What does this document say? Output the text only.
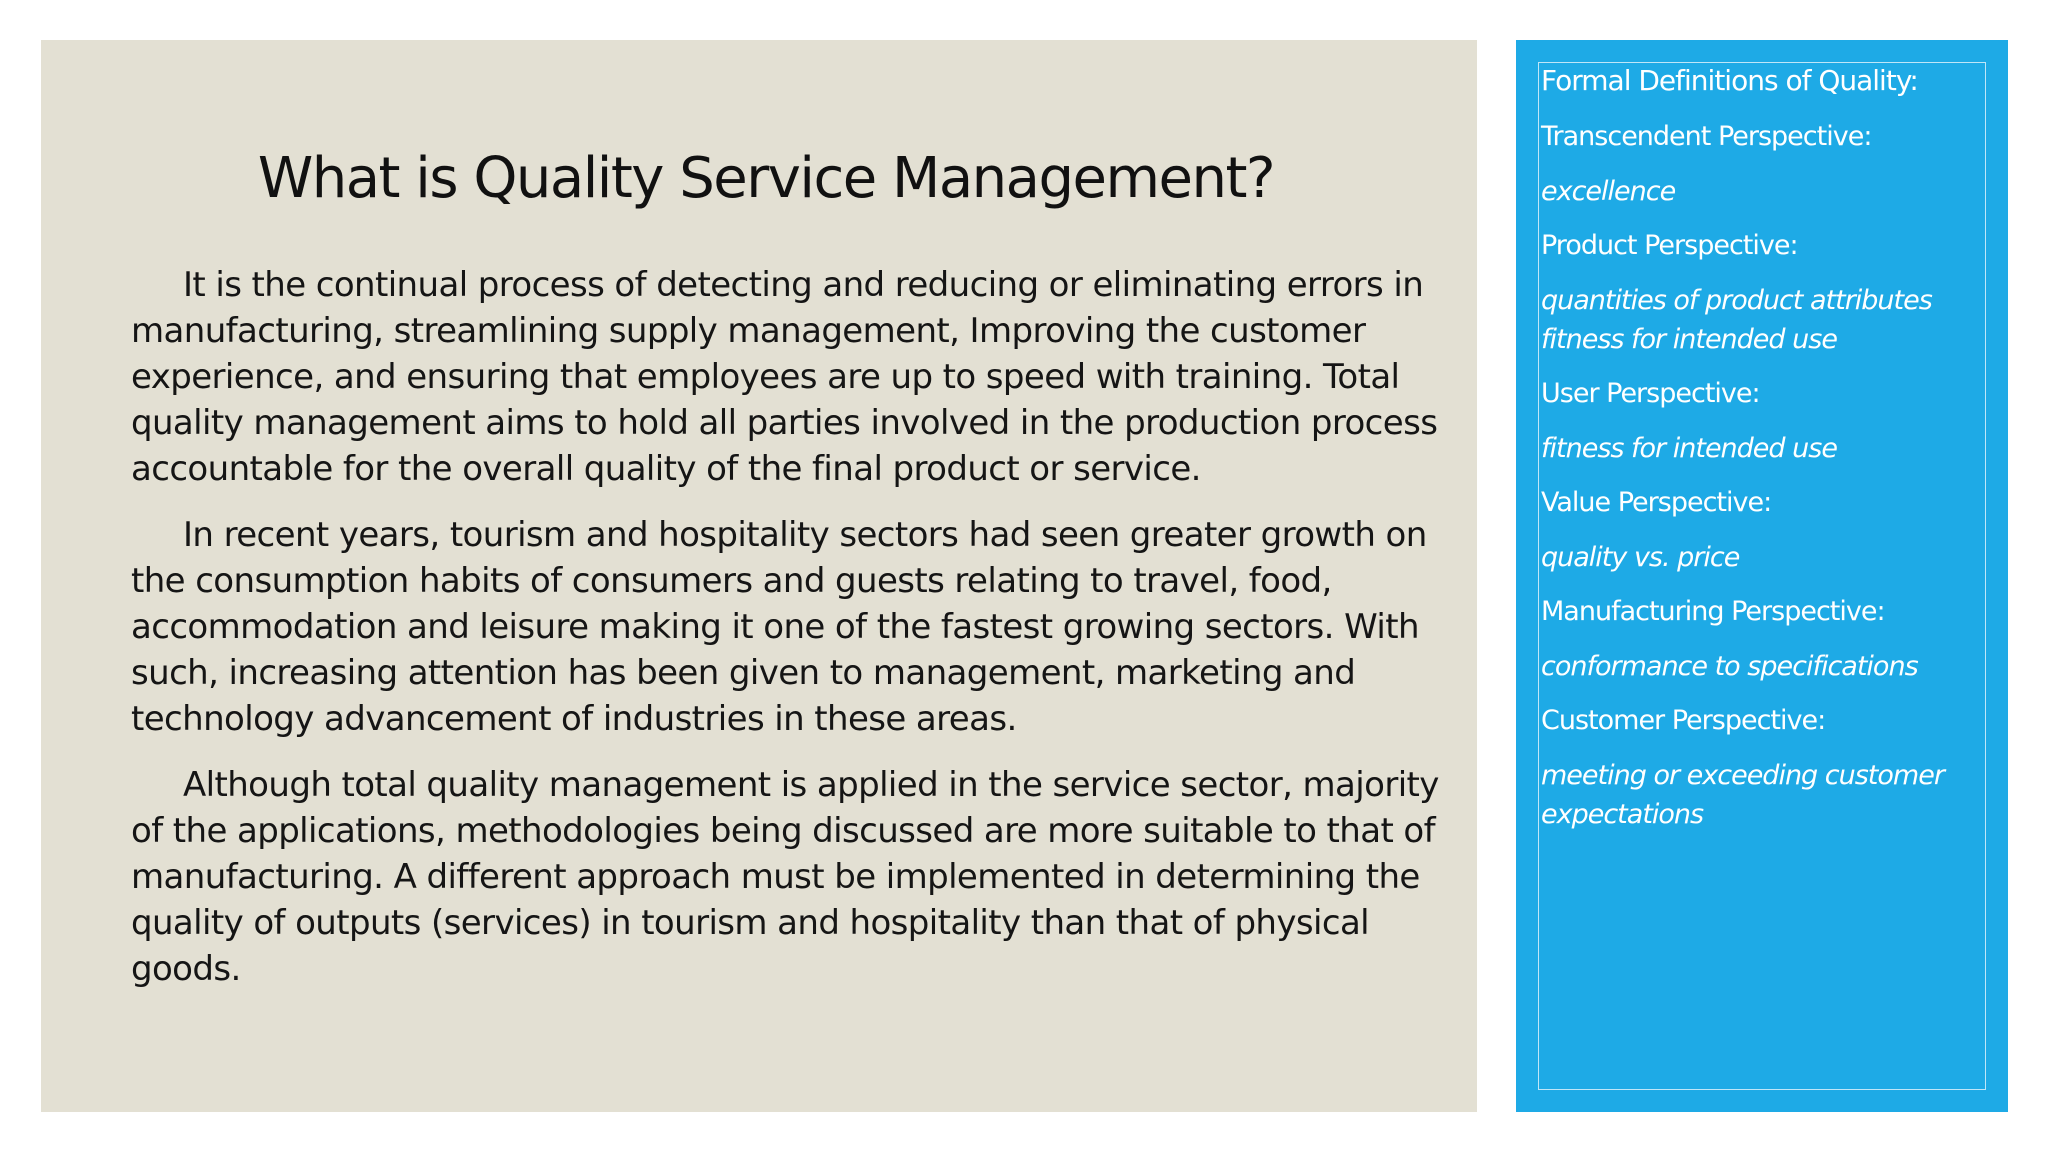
What is Quality Service Management?

It is the continual process of detecting and reducing or eliminating errors in manufacturing, streamlining supply management, Improving the customer experience, and ensuring that employees are up to speed with training. Total quality management aims to hold all parties involved in the production process accountable for the overall quality of the final product or service.

In recent years, tourism and hospitality sectors had seen greater growth on the consumption habits of consumers and guests relating to travel, food, accommodation and leisure making it one of the fastest growing sectors. With such, increasing attention has been given to management, marketing and technology advancement of industries in these areas.

Although total quality management is applied in the service sector, majority of the applications, methodologies being discussed are more suitable to that of manufacturing. A different approach must be implemented in determining the quality of outputs (services) in tourism and hospitality than that of physical goods.

Formal Definitions of Quality:
Transcendent Perspective:
excellence
Product Perspective:
quantities of product attributes fitness for intended use
User Perspective:
fitness for intended use
Value Perspective:
quality vs. price
Manufacturing Perspective:
conformance to specifications
Customer Perspective:
meeting or exceeding customer expectations
